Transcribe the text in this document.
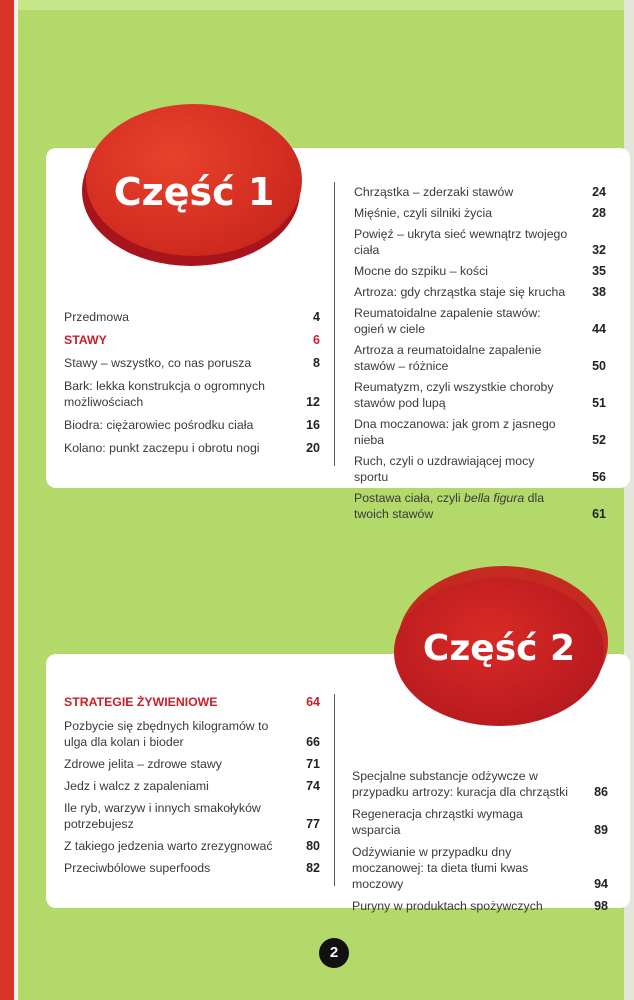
Część 1
Część 2
Przedmowa	4
STAWY	6
Stawy – wszystko, co nas porusza	8
Bark: lekka konstrukcja o ogromnych możliwościach	12
Biodra: ciężarowiec pośrodku ciała	16
Kolano: punkt zaczepu i obrotu nogi	20
Chrząstka – zderzaki stawów	24
Mięśnie, czyli silniki życia	28
Powięź – ukryta sieć wewnątrz twojego ciała	32
Mocne do szpiku – kości	35
Artroza: gdy chrząstka staje się krucha	38
Reumatoidalne zapalenie stawów: ogień w ciele	44
Artroza a reumatoidalne zapalenie stawów – różnice	50
Reumatyzm, czyli wszystkie choroby stawów pod lupą	51
Dna moczanowa: jak grom z jasnego nieba	52
Ruch, czyli o uzdrawiającej mocy sportu	56
Postawa ciała, czyli bella figura dla twoich stawów	61
STRATEGIE ŻYWIENIOWE	64
Pozbycie się zbędnych kilogramów to ulga dla kolan i bioder	66
Zdrowe jelita – zdrowe stawy	71
Jedz i walcz z zapaleniami	74
Ile ryb, warzyw i innych smakołyków potrzebujesz	77
Z takiego jedzenia warto zrezygnować	80
Przeciwbólowe superfoods	82
Specjalne substancje odżywcze w przypadku artrozy: kuracja dla chrząstki	86
Regeneracja chrząstki wymaga wsparcia	89
Odżywianie w przypadku dny moczanowej: ta dieta tłumi kwas moczowy	94
Puryny w produktach spożywczych	98
2
